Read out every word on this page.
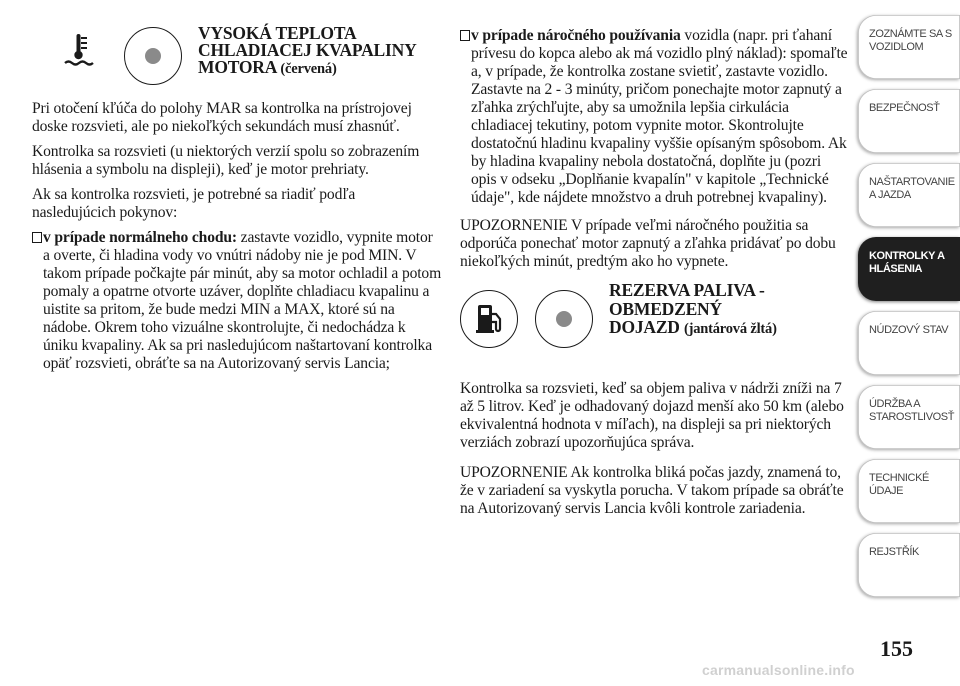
VYSOKÁ TEPLOTA
CHLADIACEJ KVAPALINY
MOTORA (červená)

Pri otočení kľúča do polohy MAR sa kontrolka na prístrojovej doske rozsvieti, ale po niekoľkých sekundách musí zhasnúť.

Kontrolka sa rozsvieti (u niektorých verzií spolu so zobrazením hlásenia a symbolu na displeji), keď je motor prehriaty.

Ak sa kontrolka rozsvieti, je potrebné sa riadiť podľa nasledujúcich pokynov:

v prípade normálneho chodu: zastavte vozidlo, vypnite motor a overte, či hladina vody vo vnútri nádoby nie je pod MIN. V takom prípade počkajte pár minút, aby sa motor ochladil a potom pomaly a opatrne otvorte uzáver, doplňte chladiacu kvapalinu a uistite sa pritom, že bude medzi MIN a MAX, ktoré sú na nádobe. Okrem toho vizuálne skontrolujte, či nedochádza k úniku kvapaliny. Ak sa pri nasledujúcom naštartovaní kontrolka opäť rozsvieti, obráťte sa na Autorizovaný servis Lancia;

v prípade náročného používania vozidla (napr. pri ťahaní prívesu do kopca alebo ak má vozidlo plný náklad): spomaľte a, v prípade, že kontrolka zostane svietiť, zastavte vozidlo. Zastavte na 2 - 3 minúty, pričom ponechajte motor zapnutý a zľahka zrýchľujte, aby sa umožnila lepšia cirkulácia chladiacej tekutiny, potom vypnite motor. Skontrolujte dostatočnú hladinu kvapaliny vyššie opísaným spôsobom. Ak by hladina kvapaliny nebola dostatočná, doplňte ju (pozri opis v odseku „Doplňanie kvapalín" v kapitole „Technické údaje", kde nájdete množstvo a druh potrebnej kvapaliny).

UPOZORNENIE V prípade veľmi náročného použitia sa odporúča ponechať motor zapnutý a zľahka pridávať po dobu niekoľkých minút, predtým ako ho vypnete.

REZERVA PALIVA -
OBMEDZENÝ
DOJAZD (jantárová žltá)

Kontrolka sa rozsvieti, keď sa objem paliva v nádrži zníži na 7 až 5 litrov. Keď je odhadovaný dojazd menší ako 50 km (alebo ekvivalentná hodnota v míľach), na displeji sa pri niektorých verziách zobrazí upozorňujúca správa.

UPOZORNENIE Ak kontrolka bliká počas jazdy, znamená to, že v zariadení sa vyskytla porucha. V takom prípade sa obráťte na Autorizovaný servis Lancia kvôli kontrole zariadenia.

ZOZNÁMTE SA S
VOZIDLOM
BEZPEČNOSŤ
NAŠTARTOVANIE
A JAZDA
KONTROLKY A
HLÁSENIA
NÚDZOVÝ STAV
ÚDRŽBA A
STAROSTLIVOSŤ
TECHNICKÉ
ÚDAJE
REJSTŘÍK
155
carmanualsonline.info
